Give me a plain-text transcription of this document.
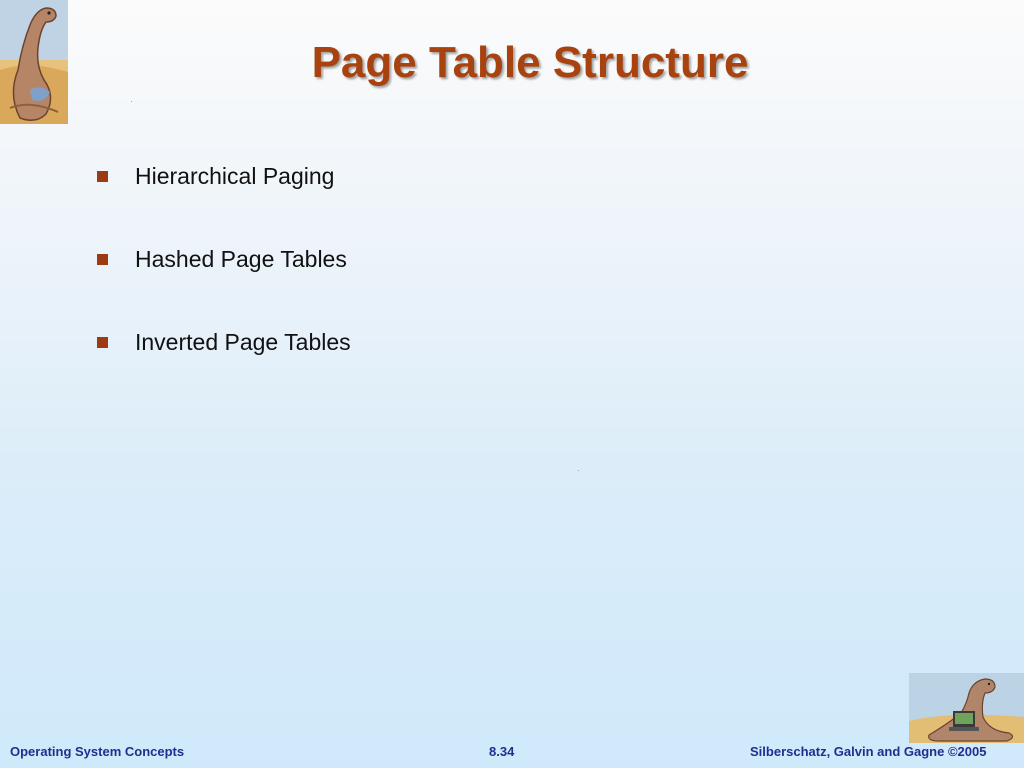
Page Table Structure
Hierarchical Paging
Hashed Page Tables
Inverted Page Tables
Operating System Concepts	8.34	Silberschatz, Galvin and Gagne ©2005
